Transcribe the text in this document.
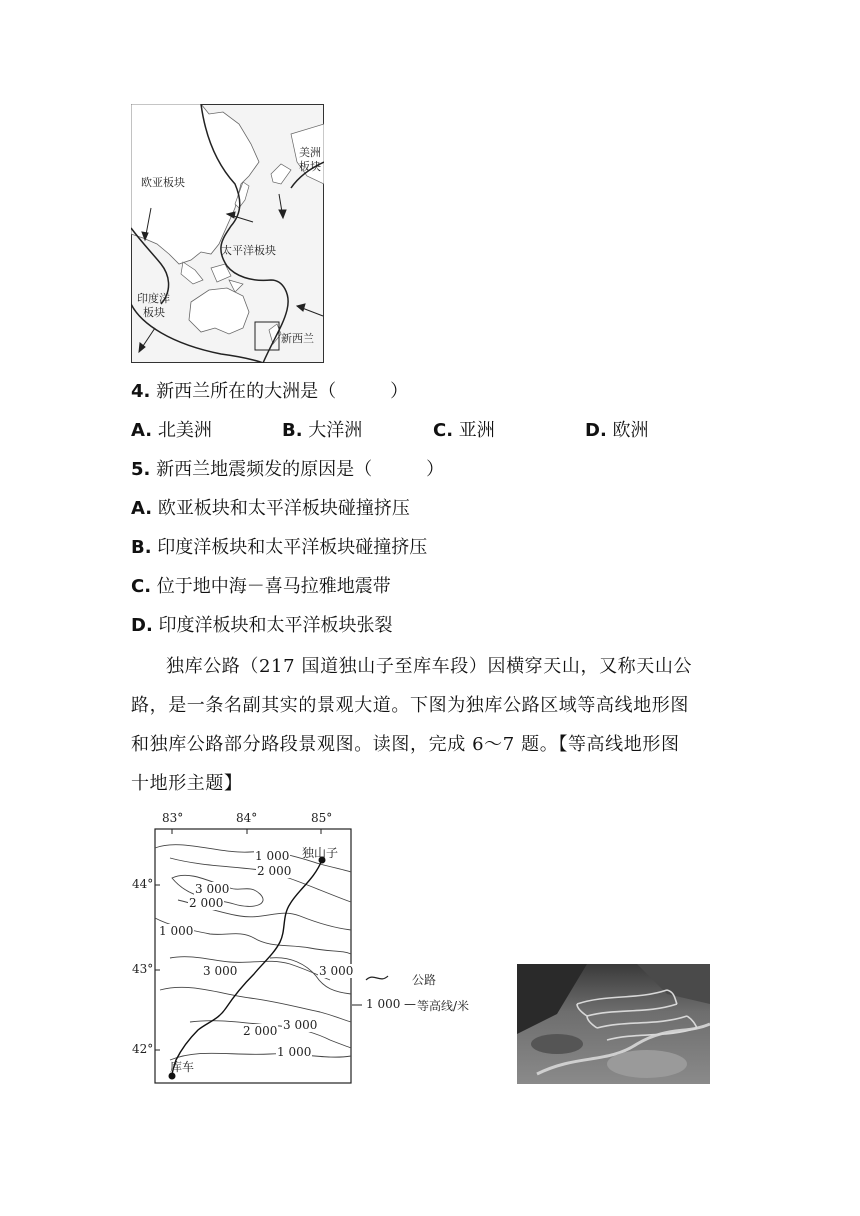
欧亚板块
美洲
板块
太平洋板块
印度洋
板块
新西兰
4. 新西兰所在的大洲是（　　　）
A. 北美洲	B. 大洋洲	C. 亚洲	D. 欧洲
5. 新西兰地震频发的原因是（　　　）
A. 欧亚板块和太平洋板块碰撞挤压
B. 印度洋板块和太平洋板块碰撞挤压
C. 位于地中海－喜马拉雅地震带
D. 印度洋板块和太平洋板块张裂
独库公路（217 国道独山子至库车段）因横穿天山，又称天山公
路，是一条名副其实的景观大道。下图为独库公路区域等高线地形图
和独库公路部分路段景观图。读图，完成 6～7 题。【等高线地形图
十地形主题】
83°	84°	85°
44°
43°
42°
独山子
库车
1 000
2 000
3 000
2 000
1 000
3 000	3 000
3 000
2 000
1 000
公路
1 000 — 等高线/米
